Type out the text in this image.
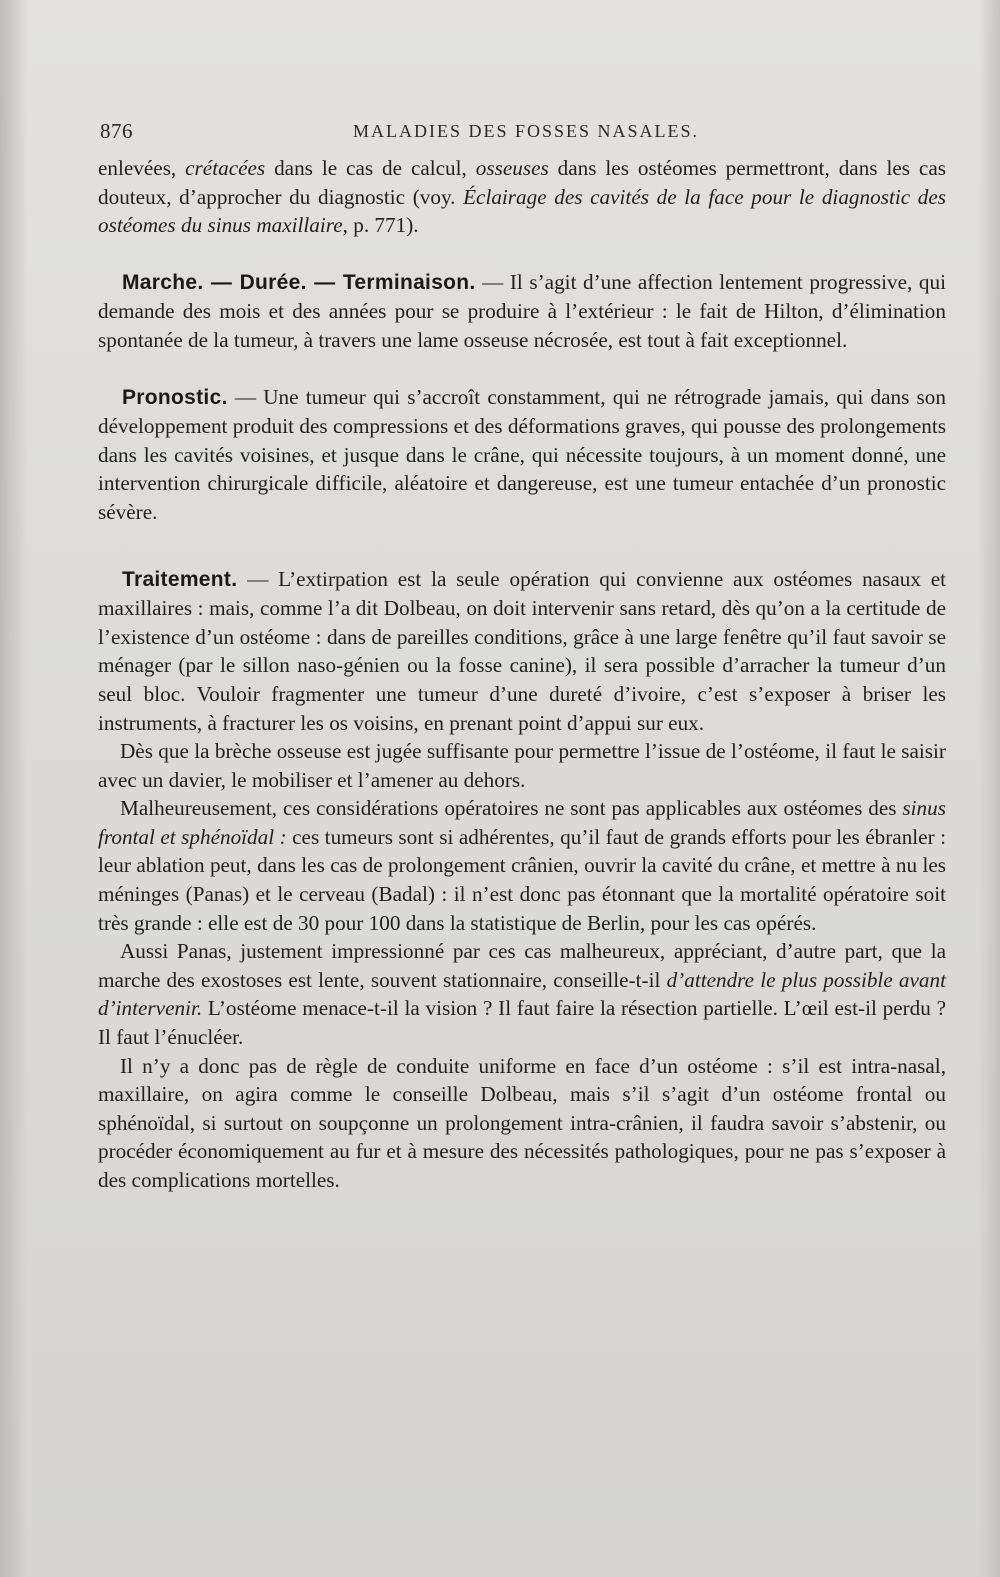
876	MALADIES DES FOSSES NASALES.

enlevées, crétacées dans le cas de calcul, osseuses dans les ostéomes permettront, dans les cas douteux, d’approcher du diagnostic (voy. Éclairage des cavités de la face pour le diagnostic des ostéomes du sinus maxillaire, p. 771).

Marche. — Durée. — Terminaison. — Il s’agit d’une affection lentement progressive, qui demande des mois et des années pour se produire à l’extérieur : le fait de Hilton, d’élimination spontanée de la tumeur, à travers une lame osseuse nécrosée, est tout à fait exceptionnel.

Pronostic. — Une tumeur qui s’accroît constamment, qui ne rétrograde jamais, qui dans son développement produit des compressions et des déformations graves, qui pousse des prolongements dans les cavités voisines, et jusque dans le crâne, qui nécessite toujours, à un moment donné, une intervention chirurgicale difficile, aléatoire et dangereuse, est une tumeur entachée d’un pronostic sévère.

Traitement. — L’extirpation est la seule opération qui convienne aux ostéomes nasaux et maxillaires : mais, comme l’a dit Dolbeau, on doit intervenir sans retard, dès qu’on a la certitude de l’existence d’un ostéome : dans de pareilles conditions, grâce à une large fenêtre qu’il faut savoir se ménager (par le sillon naso-génien ou la fosse canine), il sera possible d’arracher la tumeur d’un seul bloc. Vouloir fragmenter une tumeur d’une dureté d’ivoire, c’est s’exposer à briser les instruments, à fracturer les os voisins, en prenant point d’appui sur eux.

Dès que la brèche osseuse est jugée suffisante pour permettre l’issue de l’ostéome, il faut le saisir avec un davier, le mobiliser et l’amener au dehors.

Malheureusement, ces considérations opératoires ne sont pas applicables aux ostéomes des sinus frontal et sphénoïdal : ces tumeurs sont si adhérentes, qu’il faut de grands efforts pour les ébranler : leur ablation peut, dans les cas de prolongement crânien, ouvrir la cavité du crâne, et mettre à nu les méninges (Panas) et le cerveau (Badal) : il n’est donc pas étonnant que la mortalité opératoire soit très grande : elle est de 30 pour 100 dans la statistique de Berlin, pour les cas opérés.

Aussi Panas, justement impressionné par ces cas malheureux, appréciant, d’autre part, que la marche des exostoses est lente, souvent stationnaire, conseille-t-il d’attendre le plus possible avant d’intervenir. L’ostéome menace-t-il la vision ? Il faut faire la résection partielle. L’œil est-il perdu ? Il faut l’énucléer.

Il n’y a donc pas de règle de conduite uniforme en face d’un ostéome : s’il est intra-nasal, maxillaire, on agira comme le conseille Dolbeau, mais s’il s’agit d’un ostéome frontal ou sphénoïdal, si surtout on soupçonne un prolongement intra-crânien, il faudra savoir s’abstenir, ou procéder économiquement au fur et à mesure des nécessités pathologiques, pour ne pas s’exposer à des complications mortelles.
